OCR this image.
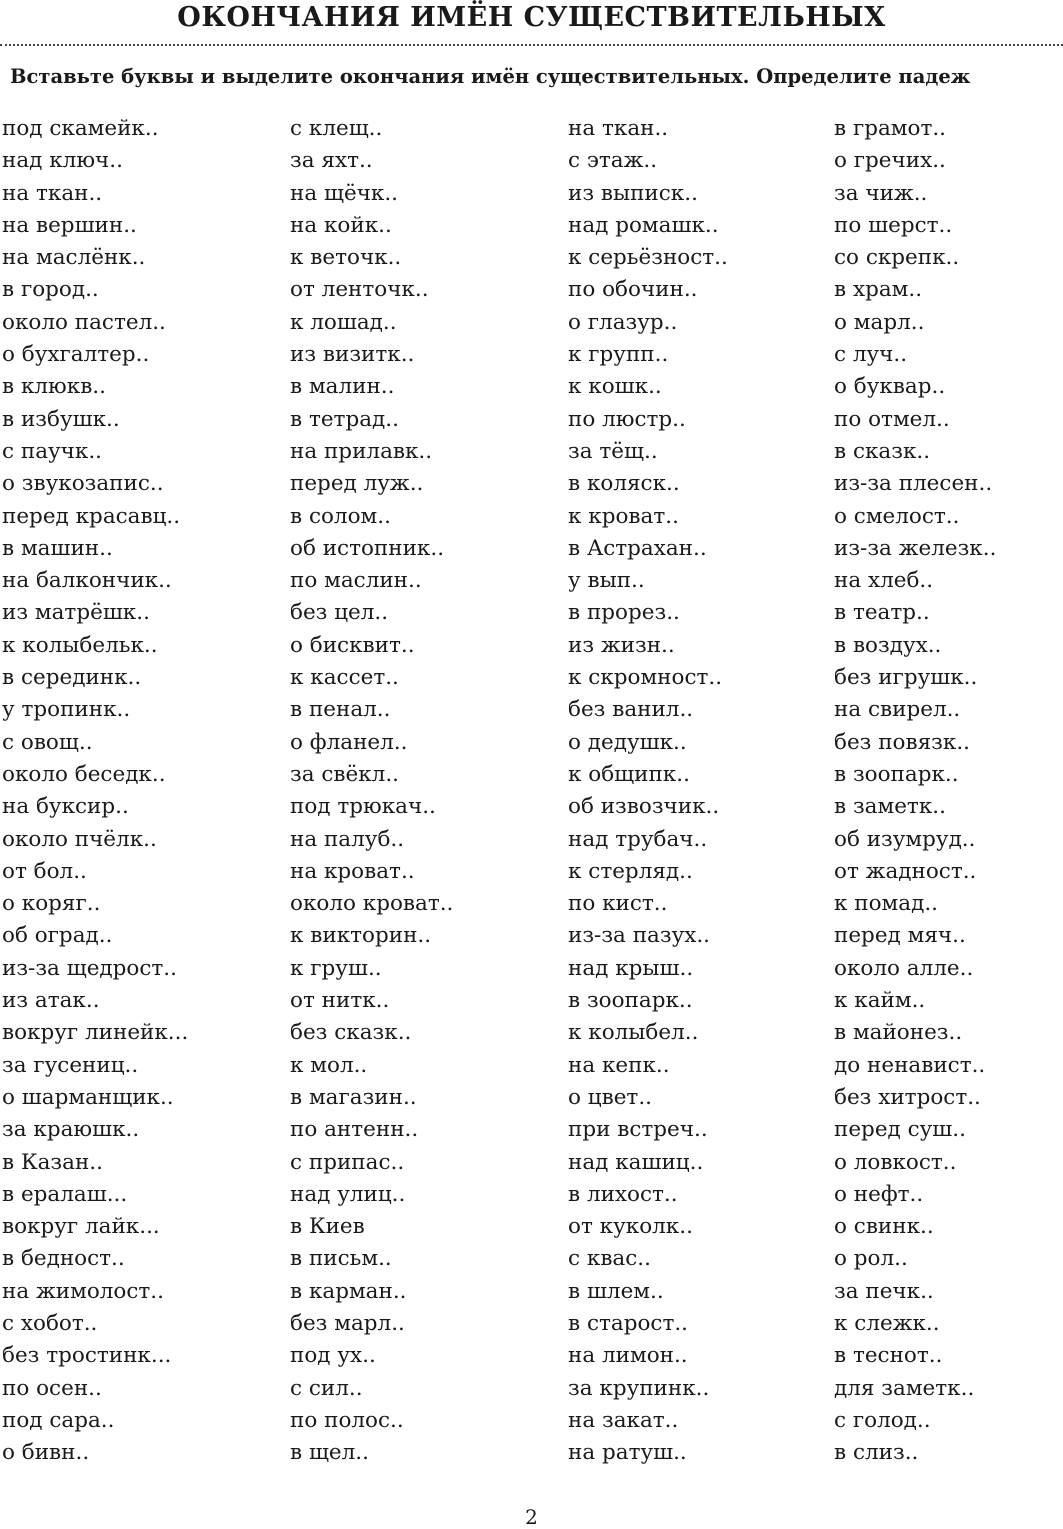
ОКОНЧАНИЯ ИМЁН СУЩЕСТВИТЕЛЬНЫХ
Вставьте буквы и выделите окончания имён существительных. Определите падеж
под скамейк..
над ключ..
на ткан..
на вершин..
на маслёнк..
в город..
около пастел..
о бухгалтер..
в клюкв..
в избушк..
с паучк..
о звукозапис..
перед красавц..
в машин..
на балкончик..
из матрёшк..
к колыбельк..
в серединк..
у тропинк..
с овощ..
около беседк..
на буксир..
около пчёлк..
от бол..
о коряг..
об оград..
из-за щедрост..
из атак..
вокруг линейк...
за гусениц..
о шарманщик..
за краюшк..
в Казан..
в ералаш...
вокруг лайк...
в бедност..
на жимолост..
с хобот..
без тростинк...
по осен..
под сара..
о бивн..
с клещ..
за яхт..
на щёчк..
на койк..
к веточк..
от ленточк..
к лошад..
из визитк..
в малин..
в тетрад..
на прилавк..
перед луж..
в солом..
об истопник..
по маслин..
без цел..
о бисквит..
к кассет..
в пенал..
о фланел..
за свёкл..
под трюкач..
на палуб..
на кроват..
около кроват..
к викторин..
к груш..
от нитк..
без сказк..
к мол..
в магазин..
по антенн..
с припас..
над улиц..
в Киев
в письм..
в карман..
без марл..
под ух..
с сил..
по полос..
в щел..
на ткан..
с этаж..
из выписк..
над ромашк..
к серьёзност..
по обочин..
о глазур..
к групп..
к кошк..
по люстр..
за тёщ..
в коляск..
к кроват..
в Астрахан..
у вып..
в прорез..
из жизн..
к скромност..
без ванил..
о дедушк..
к общипк..
об извозчик..
над трубач..
к стерляд..
по кист..
из-за пазух..
над крыш..
в зоопарк..
к колыбел..
на кепк..
о цвет..
при встреч..
над кашиц..
в лихост..
от куколк..
с квас..
в шлем..
в старост..
на лимон..
за крупинк..
на закат..
на ратуш..
в грамот..
о гречих..
за чиж..
по шерст..
со скрепк..
в храм..
о марл..
с луч..
о буквар..
по отмел..
в сказк..
из-за плесен..
о смелост..
из-за железк..
на хлеб..
в театр..
в воздух..
без игрушк..
на свирел..
без повязк..
в зоопарк..
в заметк..
об изумруд..
от жадност..
к помад..
перед мяч..
около алле..
к кайм..
в майонез..
до ненавист..
без хитрост..
перед суш..
о ловкост..
о нефт..
о свинк..
о рол..
за печк..
к слежк..
в теснот..
для заметк..
с голод..
в слиз..
2
